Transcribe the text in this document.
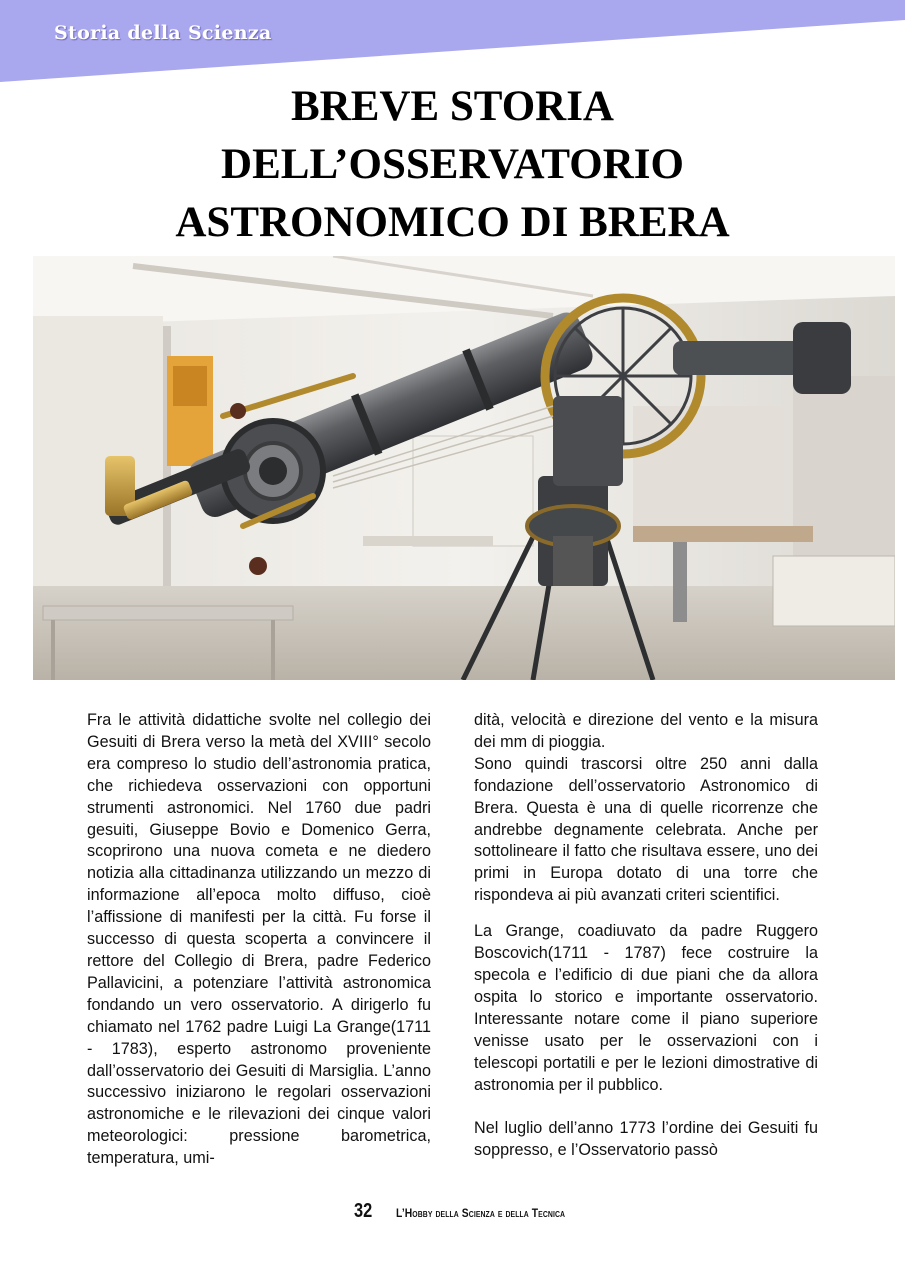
Storia della Scienza
BREVE STORIA
DELL’OSSERVATORIO
ASTRONOMICO DI BRERA

Fra le attività didattiche svolte nel collegio dei Gesuiti di Brera verso la metà del XVIII° secolo era compreso lo studio dell’astronomia pratica, che richiedeva osservazioni con opportuni strumenti astronomici. Nel 1760 due padri gesuiti, Giuseppe Bovio e Domenico Gerra, scoprirono una nuova cometa e ne diedero notizia alla cittadinanza utilizzando un mezzo di informazione all’epoca molto diffuso, cioè l’affissione di manifesti per la città. Fu forse il successo di questa scoperta a convincere il rettore del Collegio di Brera, padre Federico Pallavicini, a potenziare l’attività astronomica fondando un vero osservatorio. A dirigerlo fu chiamato nel 1762 padre Luigi La Grange(1711 - 1783), esperto astronomo proveniente dall’osservatorio dei Gesuiti di Marsiglia. L’anno successivo iniziarono le regolari osservazioni astronomiche e le rilevazioni dei cinque valori meteorologici: pressione barometrica, temperatura, umi-

dità, velocità e direzione del vento e la misura dei mm di pioggia.

Sono quindi trascorsi oltre 250 anni dalla fondazione dell’osservatorio Astronomico di Brera. Questa è una di quelle ricorrenze che andrebbe degnamente celebrata. Anche per sottolineare il fatto che risultava essere, uno dei primi in Europa dotato di una torre che rispondeva ai più avanzati criteri scientifici.

La Grange, coadiuvato da padre Ruggero Boscovich(1711 - 1787) fece costruire la specola e l’edificio di due piani che da allora ospita lo storico e importante osservatorio. Interessante notare come il piano superiore venisse usato per le osservazioni con i telescopi portatili e per le lezioni dimostrative di astronomia per il pubblico.

Nel luglio dell’anno 1773 l’ordine dei Gesuiti fu soppresso, e l’Osservatorio passò

32 L’Hobby della Scienza e della Tecnica
